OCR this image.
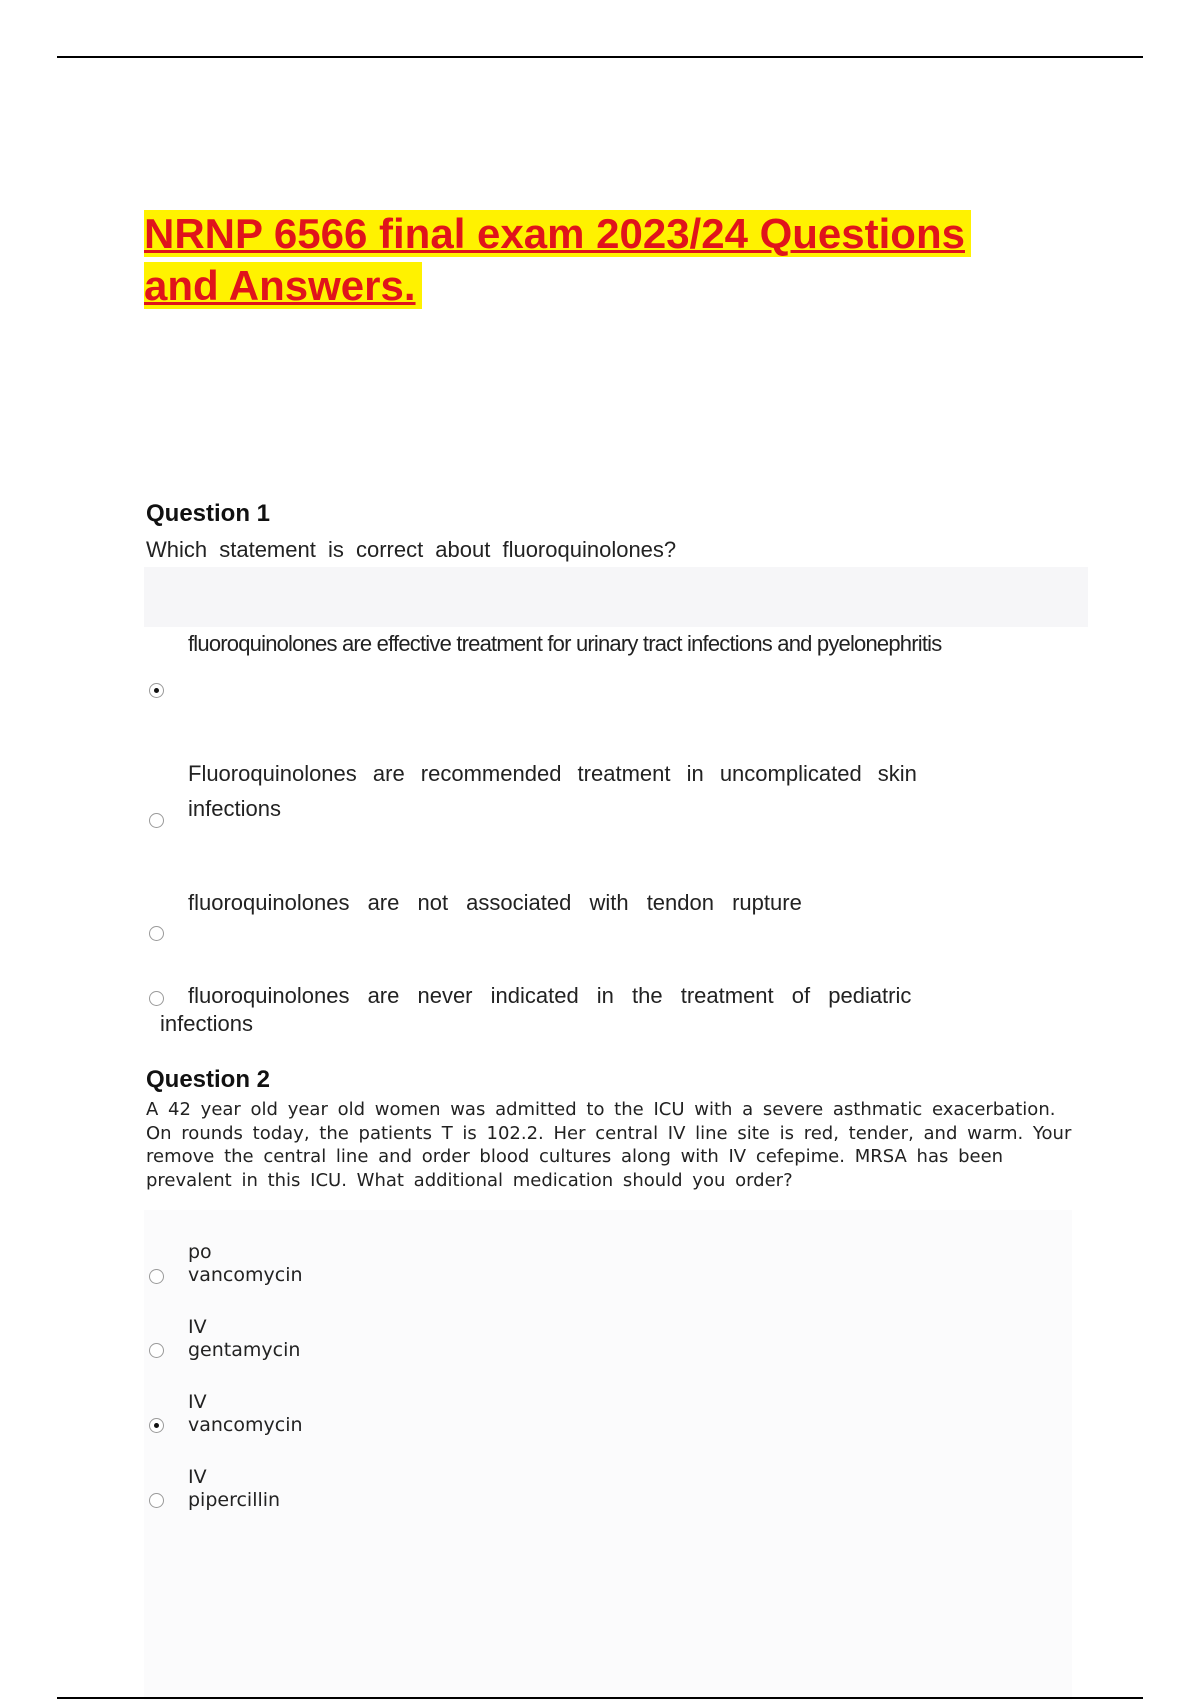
NRNP 6566 final exam 2023/24 Questions and Answers.
Question 1
Which statement is correct about fluoroquinolones?
fluoroquinolones are effective treatment for urinary tract infections and pyelonephritis
Fluoroquinolones are recommended treatment in uncomplicated skin infections
fluoroquinolones are not associated with tendon rupture
fluoroquinolones are never indicated in the treatment of pediatric infections
Question 2
A 42 year old year old women was admitted to the ICU with a severe asthmatic exacerbation. On rounds today, the patients T is 102.2. Her central IV line site is red, tender, and warm. Your remove the central line and order blood cultures along with IV cefepime. MRSA has been prevalent in this ICU. What additional medication should you order?
po
vancomycin
IV
gentamycin
IV
vancomycin
IV
pipercillin
